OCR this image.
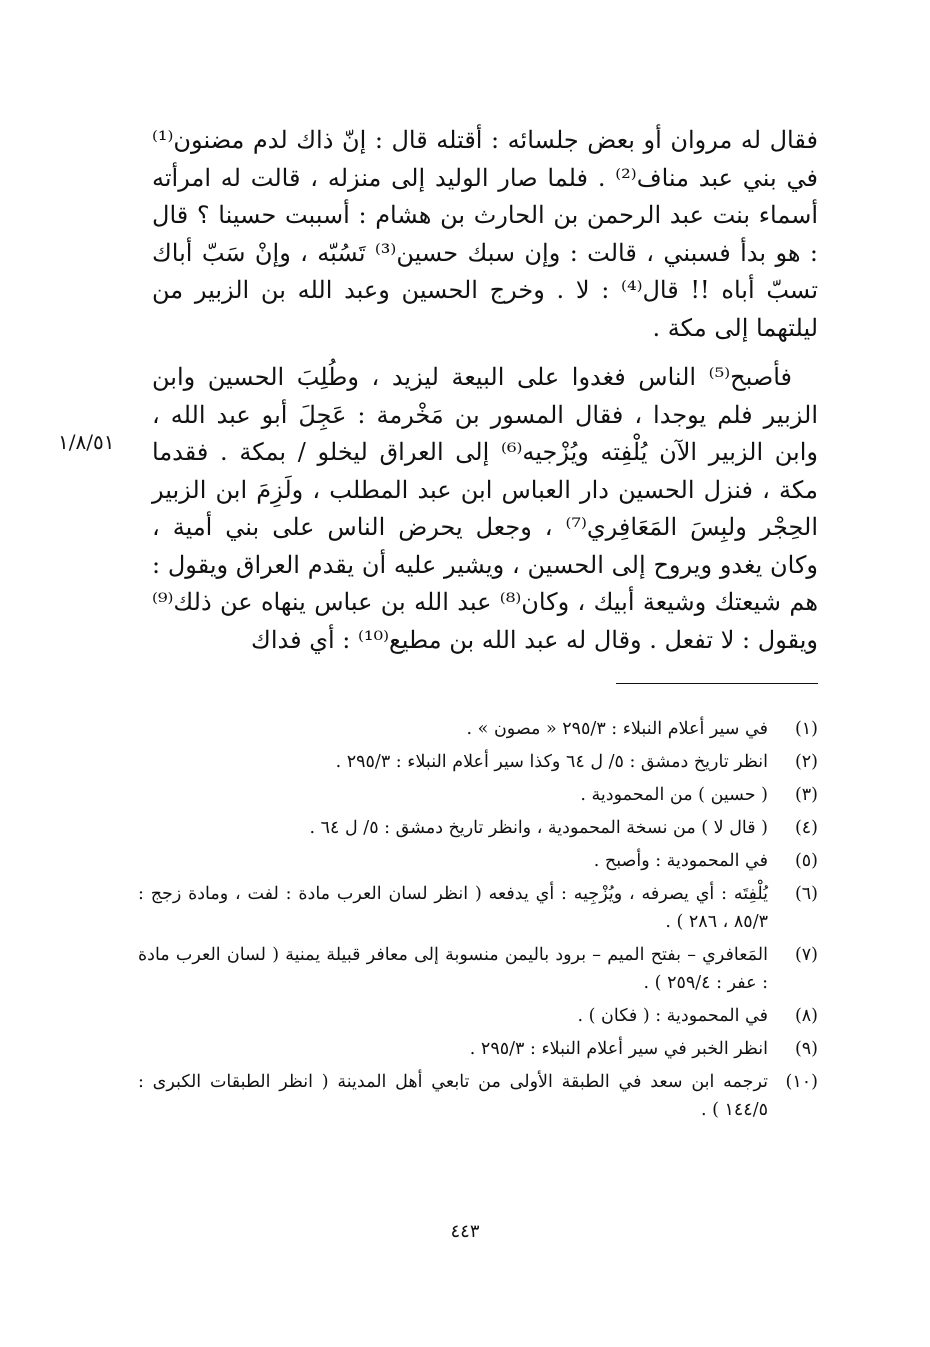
فقال له مروان أو بعض جلسائه : أقتله قال : إنّ ذاك لدم مضنون⁽¹⁾ في بني عبد مناف⁽²⁾ . فلما صار الوليد إلى منزله ، قالت له امرأته أسماء بنت عبد الرحمن بن الحارث بن هشام : أسببت حسينا ؟ قال : هو بدأ فسبني ، قالت : وإن سبك حسين⁽³⁾ تَسُبّه ، وإنْ سَبّ أباك تسبّ أباه !! قال⁽⁴⁾ : لا . وخرج الحسين وعبد الله بن الزبير من ليلتهما إلى مكة .

فأصبح⁽⁵⁾ الناس فغدوا على البيعة ليزيد ، وطُلِبَ الحسين وابن الزبير فلم يوجدا ، فقال المسور بن مَخْرمة : عَجِلَ أبو عبد الله ، وابن الزبير الآن يُلْفِته ويُزْجيه⁽⁶⁾ إلى العراق ليخلو / بمكة . فقدما مكة ، فنزل الحسين دار العباس ابن عبد المطلب ، ولَزِمَ ابن الزبير الحِجْر ولبِسَ المَعَافِري⁽⁷⁾ ، وجعل يحرض الناس على بني أمية ، وكان يغدو ويروح إلى الحسين ، ويشير عليه أن يقدم العراق ويقول : هم شيعتك وشيعة أبيك ، وكان⁽⁸⁾ عبد الله بن عباس ينهاه عن ذلك⁽⁹⁾ ويقول : لا تفعل . وقال له عبد الله بن مطيع⁽¹⁰⁾ : أي فداك

١/٨/٥١
(١)
في سير أعلام النبلاء : ٢٩٥/٣ « مصون » .
(٢)
انظر تاريخ دمشق : ٥/ ل ٦٤ وكذا سير أعلام النبلاء : ٢٩٥/٣ .
(٣)
( حسين ) من المحمودية .
(٤)
( قال لا ) من نسخة المحمودية ، وانظر تاريخ دمشق : ٥/ ل ٦٤ .
(٥)
في المحمودية : وأصبح .
(٦)
يُلْفِتَه : أي يصرفه ، ويُزْجِيه : أي يدفعه ( انظر لسان العرب مادة : لفت ، ومادة زجج : ٨٥/٣ ، ٢٨٦ ) .
(٧)
المَعافري – بفتح الميم – برود باليمن منسوبة إلى معافر قبيلة يمنية ( لسان العرب مادة : عفر : ٢٥٩/٤ ) .
(٨)
في المحمودية : ( فكان ) .
(٩)
انظر الخبر في سير أعلام النبلاء : ٢٩٥/٣ .
(١٠)
ترجمه ابن سعد في الطبقة الأولى من تابعي أهل المدينة ( انظر الطبقات الكبرى : ١٤٤/٥ ) .
٤٤٣
